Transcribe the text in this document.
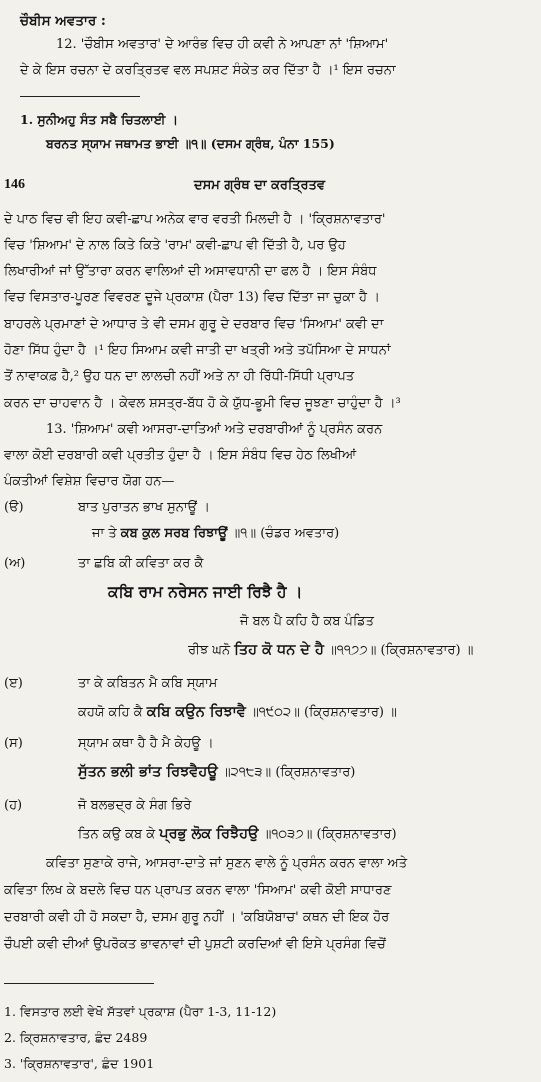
ਚੌਬੀਸ ਅਵਤਾਰ :
12. 'ਚੌਬੀਸ ਅਵਤਾਰ' ਦੇ ਆਰੰਭ ਵਿਚ ਹੀ ਕਵੀ ਨੇ ਆਪਣਾ ਨਾਂ 'ਸ਼ਿਆਮ'
ਦੇ ਕੇ ਇਸ ਰਚਨਾ ਦੇ ਕਰਤ੍ਰਿਤਵ ਵਲ ਸਪਸ਼ਟ ਸੰਕੇਤ ਕਰ ਦਿੱਤਾ ਹੈ ।¹ ਇਸ ਰਚਨਾ
1. ਸੁਨੀਅਹੁ ਸੰਤ ਸਬੈ ਚਿਤਲਾਈ ।
ਬਰਨਤ ਸ੍ਯਾਮ ਜਥਾਮਤ ਭਾਈ ॥੧॥ (ਦਸਮ ਗ੍ਰੰਥ, ਪੰਨਾ 155)
146	ਦਸਮ ਗ੍ਰੰਥ ਦਾ ਕਰਤ੍ਰਿਤਵ
ਦੇ ਪਾਠ ਵਿਚ ਵੀ ਇਹ ਕਵੀ-ਛਾਪ ਅਨੇਕ ਵਾਰ ਵਰਤੀ ਮਿਲਦੀ ਹੈ । 'ਕ੍ਰਿਸ਼ਨਾਵਤਾਰ'
ਵਿਚ 'ਸ਼ਿਆਮ' ਦੇ ਨਾਲ ਕਿਤੇ ਕਿਤੇ 'ਰਾਮ' ਕਵੀ-ਛਾਪ ਵੀ ਦਿੱਤੀ ਹੈ, ਪਰ ਉਹ
ਲਿਖਾਰੀਆਂ ਜਾਂ ਉੱਤਾਰਾ ਕਰਨ ਵਾਲਿਆਂ ਦੀ ਅਸਾਵਧਾਨੀ ਦਾ ਫਲ ਹੈ । ਇਸ ਸੰਬੰਧ
ਵਿਚ ਵਿਸਤਾਰ-ਪੂਰਣ ਵਿਵਰਣ ਦੂਜੇ ਪ੍ਰਕਾਸ਼ (ਪੈਰਾ 13) ਵਿਚ ਦਿੱਤਾ ਜਾ ਚੁਕਾ ਹੈ ।
ਬਾਹਰਲੇ ਪ੍ਰਮਾਣਾਂ ਦੇ ਆਧਾਰ ਤੇ ਵੀ ਦਸਮ ਗੁਰੂ ਦੇ ਦਰਬਾਰ ਵਿਚ 'ਸਿਆਮ' ਕਵੀ ਦਾ
ਹੋਣਾ ਸਿੱਧ ਹੁੰਦਾ ਹੈ ।¹ ਇਹ ਸਿਆਮ ਕਵੀ ਜਾਤੀ ਦਾ ਖਤ੍ਰੀ ਅਤੇ ਤਪੱਸਿਆ ਦੇ ਸਾਧਨਾਂ
ਤੋਂ ਨਾਵਾਕਫ਼ ਹੈ,² ਉਹ ਧਨ ਦਾ ਲਾਲਚੀ ਨਹੀਂ ਅਤੇ ਨਾ ਹੀ ਰਿੱਧੀ-ਸਿੱਧੀ ਪ੍ਰਾਪਤ
ਕਰਨ ਦਾ ਚਾਹਵਾਨ ਹੈ । ਕੇਵਲ ਸ਼ਸਤ੍ਰ-ਬੱਧ ਹੋ ਕੇ ਯੁੱਧ-ਭੂਮੀ ਵਿਚ ਜੂਝਣਾ ਚਾਹੁੰਦਾ ਹੈ ।³
13. 'ਸ਼ਿਆਮ' ਕਵੀ ਆਸਰਾ-ਦਾਤਿਆਂ ਅਤੇ ਦਰਬਾਰੀਆਂ ਨੂੰ ਪ੍ਰਸੰਨ ਕਰਨ
ਵਾਲਾ ਕੋਈ ਦਰਬਾਰੀ ਕਵੀ ਪ੍ਰਤੀਤ ਹੁੰਦਾ ਹੈ । ਇਸ ਸੰਬੰਧ ਵਿਚ ਹੇਠ ਲਿਖੀਆਂ
ਪੰਕਤੀਆਂ ਵਿਸ਼ੇਸ਼ ਵਿਚਾਰ ਯੋਗ ਹਨ—
(ੳ)	ਬਾਤ ਪੁਰਾਤਨ ਭਾਖ ਸੁਨਾਊਂ ।
ਜਾ ਤੇ ਕਬ ਕੁਲ ਸਰਬ ਰਿਝਾਊਂ ॥੧॥ (ਚੰਡਰ ਅਵਤਾਰ)
(ਅ)	ਤਾ ਛਬਿ ਕੀ ਕਵਿਤਾ ਕਰ ਕੈ
ਕਬਿ ਰਾਮ ਨਰੇਸਨ ਜਾਈ ਰਿਝੈ ਹੈ ।
ਜੋ ਬਲ ਪੈ ਕਹਿ ਹੈ ਕਬ ਪੰਡਿਤ
ਰੀਝ ਘਨੋ ਤਿਹ ਕੋ ਧਨ ਦੇ ਹੈ ॥੧੧੭੭॥ (ਕ੍ਰਿਸ਼ਨਾਵਤਾਰ) ॥
(ੲ)	ਤਾ ਕੇ ਕਬਿਤਨ ਮੈ ਕਬਿ ਸ੍ਯਾਮ
ਕਹਯੋ ਕਹਿ ਕੈ ਕਬਿ ਕਉਨ ਰਿਝਾਵੈ ॥੧੯੦੨॥ (ਕ੍ਰਿਸ਼ਨਾਵਤਾਰ) ॥
(ਸ)	ਸ੍ਯਾਮ ਕਥਾ ਹੈ ਹੈ ਮੈ ਕੇਹਊ ।
ਸੁੱਤਨ ਭਲੀ ਭਾਂਤ ਰਿਝਵੈਹਊ ॥੨੧੮੩॥ (ਕ੍ਰਿਸ਼ਨਾਵਤਾਰ)
(ਹ)	ਜੋ ਬਲਭਦ੍ਰ ਕੇ ਸੰਗ ਭਿਰੇ
ਤਿਨ ਕਉ ਕਬ ਕੇ ਪ੍ਰਭੁ ਲੋਕ ਰਿਝੈਹਉ ॥੧੦੩੭॥ (ਕ੍ਰਿਸ਼ਨਾਵਤਾਰ)
ਕਵਿਤਾ ਸੁਣਾਕੇ ਰਾਜੇ, ਆਸਰਾ-ਦਾਤੇ ਜਾਂ ਸੁਣਨ ਵਾਲੇ ਨੂੰ ਪ੍ਰਸੰਨ ਕਰਨ ਵਾਲਾ ਅਤੇ
ਕਵਿਤਾ ਲਿਖ ਕੇ ਬਦਲੇ ਵਿਚ ਧਨ ਪ੍ਰਾਪਤ ਕਰਨ ਵਾਲਾ 'ਸਿਆਮ' ਕਵੀ ਕੋਈ ਸਾਧਾਰਣ
ਦਰਬਾਰੀ ਕਵੀ ਹੀ ਹੋ ਸਕਦਾ ਹੈ, ਦਸਮ ਗੁਰੂ ਨਹੀਂ । 'ਕਬਿਯੋਬਾਚ' ਕਥਨ ਦੀ ਇਕ ਹੋਰ
ਚੌਪਈ ਕਵੀ ਦੀਆਂ ਉਪਰੋਕਤ ਭਾਵਨਾਵਾਂ ਦੀ ਪੁਸ਼ਟੀ ਕਰਦਿਆਂ ਵੀ ਇਸੇ ਪ੍ਰਸੰਗ ਵਿਚੋਂ
1. ਵਿਸਤਾਰ ਲਈ ਵੇਖੋ ਸੱਤਵਾਂ ਪ੍ਰਕਾਸ਼ (ਪੈਰਾ 1-3, 11-12)
2. ਕ੍ਰਿਸ਼ਨਾਵਤਾਰ, ਛੰਦ 2489
3. 'ਕ੍ਰਿਸ਼ਨਾਵਤਾਰ', ਛੰਦ 1901
